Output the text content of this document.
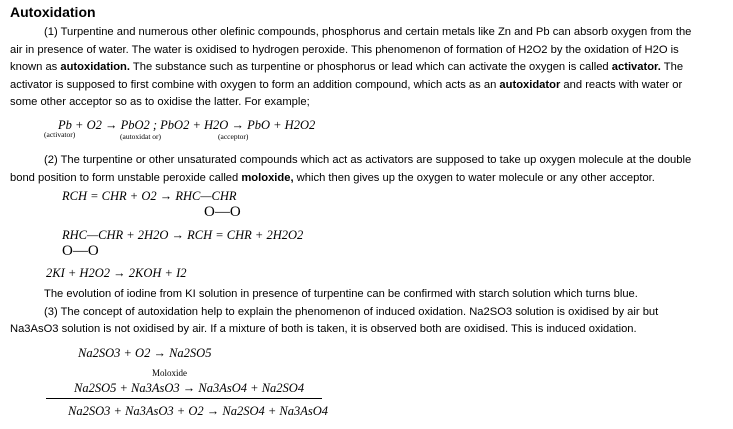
Autoxidation
(1) Turpentine and numerous other olefinic compounds, phosphorus and certain metals like Zn and Pb can absorb oxygen from the
air in presence of water. The water is oxidised to hydrogen peroxide. This phenomenon of formation of H2O2 by the oxidation of H2O is
known as autoxidation. The substance such as turpentine or phosphorus or lead which can activate the oxygen is called activator. The
activator is supposed to first combine with oxygen to form an addition compound, which acts as an autoxidator and reacts with water or
some other acceptor so as to oxidise the latter. For example;
Pb + O2 → PbO2 ; PbO2 + H2O → PbO + H2O2
(activator)	(autoxidat or)	(acceptor)
(2) The turpentine or other unsaturated compounds which act as activators are supposed to take up oxygen molecule at the double
bond position to form unstable peroxide called moloxide, which then gives up the oxygen to water molecule or any other acceptor.
RCH = CHR + O2 → RHC—CHR
O—O
RHC—CHR + 2H2O → RCH = CHR + 2H2O2
O—O
2KI + H2O2 → 2KOH + I2
The evolution of iodine from KI solution in presence of turpentine can be confirmed with starch solution which turns blue.
(3) The concept of autoxidation help to explain the phenomenon of induced oxidation. Na2SO3 solution is oxidised by air but
Na3AsO3 solution is not oxidised by air. If a mixture of both is taken, it is observed both are oxidised. This is induced oxidation.
Na2SO3 + O2 → Na2SO5
Moloxide
Na2SO5 + Na3AsO3 → Na3AsO4 + Na2SO4
Na2SO3 + Na3AsO3 + O2 → Na2SO4 + Na3AsO4
